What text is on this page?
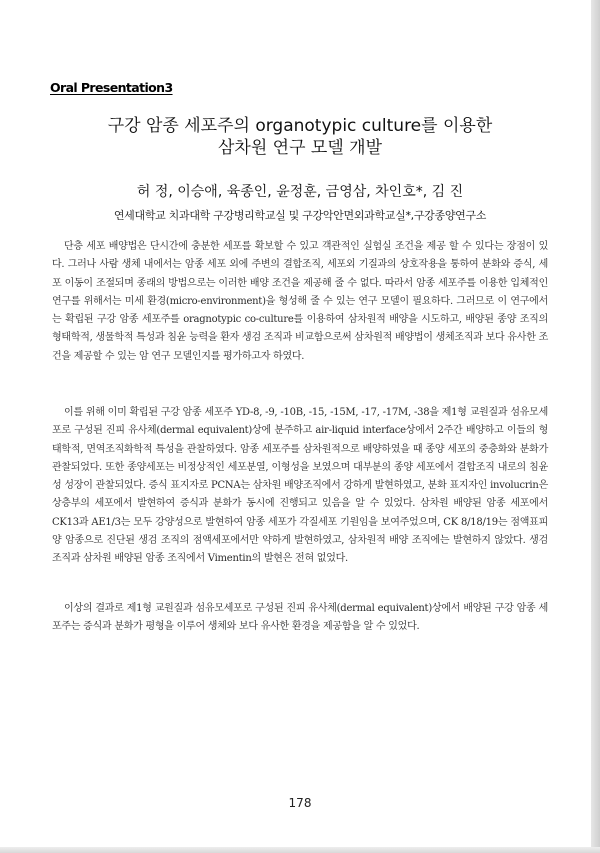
Oral Presentation3
구강 암종 세포주의 organotypic culture를 이용한
삼차원 연구 모델 개발
허 정, 이승애, 육종인, 윤정훈, 금영삼, 차인호*, 김 진
연세대학교 치과대학 구강병리학교실 및 구강악안면외과학교실*,구강종양연구소

단층 세포 배양법은 단시간에 충분한 세포를 확보할 수 있고 객관적인 실험실 조건을 제공 할 수 있다는 장점이 있다. 그러나 사람 생체 내에서는 암종 세포 외에 주변의 결합조직, 세포외 기질과의 상호작용을 통하여 분화와 증식, 세포 이동이 조절되며 종래의 방법으로는 이러한 배양 조건을 제공해 줄 수 없다. 따라서 암종 세포주를 이용한 입체적인 연구를 위해서는 미세 환경(micro-environment)을 형성해 줄 수 있는 연구 모델이 필요하다. 그러므로 이 연구에서는 확립된 구강 암종 세포주를 oragnotypic co-culture를 이용하여 삼차원적 배양을 시도하고, 배양된 종양 조직의 형태학적, 생물학적 특성과 침윤 능력을 환자 생검 조직과 비교함으로써 삼차원적 배양법이 생체조직과 보다 유사한 조건을 제공할 수 있는 암 연구 모델인지를 평가하고자 하였다.

이를 위해 이미 확립된 구강 암종 세포주 YD-8, -9, -10B, -15, -15M, -17, -17M, -38을 제1형 교원질과 섬유모세포로 구성된 진피 유사체(dermal equivalent)상에 분주하고 air-liquid interface상에서 2주간 배양하고 이들의 형태학적, 면역조직화학적 특성을 관찰하였다. 암종 세포주를 삼차원적으로 배양하였을 때 종양 세포의 중층화와 분화가 관찰되었다. 또한 종양세포는 비정상적인 세포분열, 이형성을 보였으며 대부분의 종양 세포에서 결합조직 내로의 침윤성 성장이 관찰되었다. 증식 표지자로 PCNA는 삼차원 배양조직에서 강하게 발현하였고, 분화 표지자인 involucrin은 상층부의 세포에서 발현하여 증식과 분화가 동시에 진행되고 있음을 알 수 있었다. 삼차원 배양된 암종 세포에서 CK13과 AE1/3는 모두 강양성으로 발현하여 암종 세포가 각질세포 기원임을 보여주었으며, CK 8/18/19는 점액표피양 암종으로 진단된 생검 조직의 점액세포에서만 약하게 발현하였고, 삼차원적 배양 조직에는 발현하지 않았다. 생검 조직과 삼차원 배양된 암종 조직에서 Vimentin의 발현은 전혀 없었다.

이상의 결과로 제1형 교원질과 섬유모세포로 구성된 진피 유사체(dermal equivalent)상에서 배양된 구강 암종 세포주는 증식과 분화가 평형을 이루어 생체와 보다 유사한 환경을 제공함을 알 수 있었다.

178
